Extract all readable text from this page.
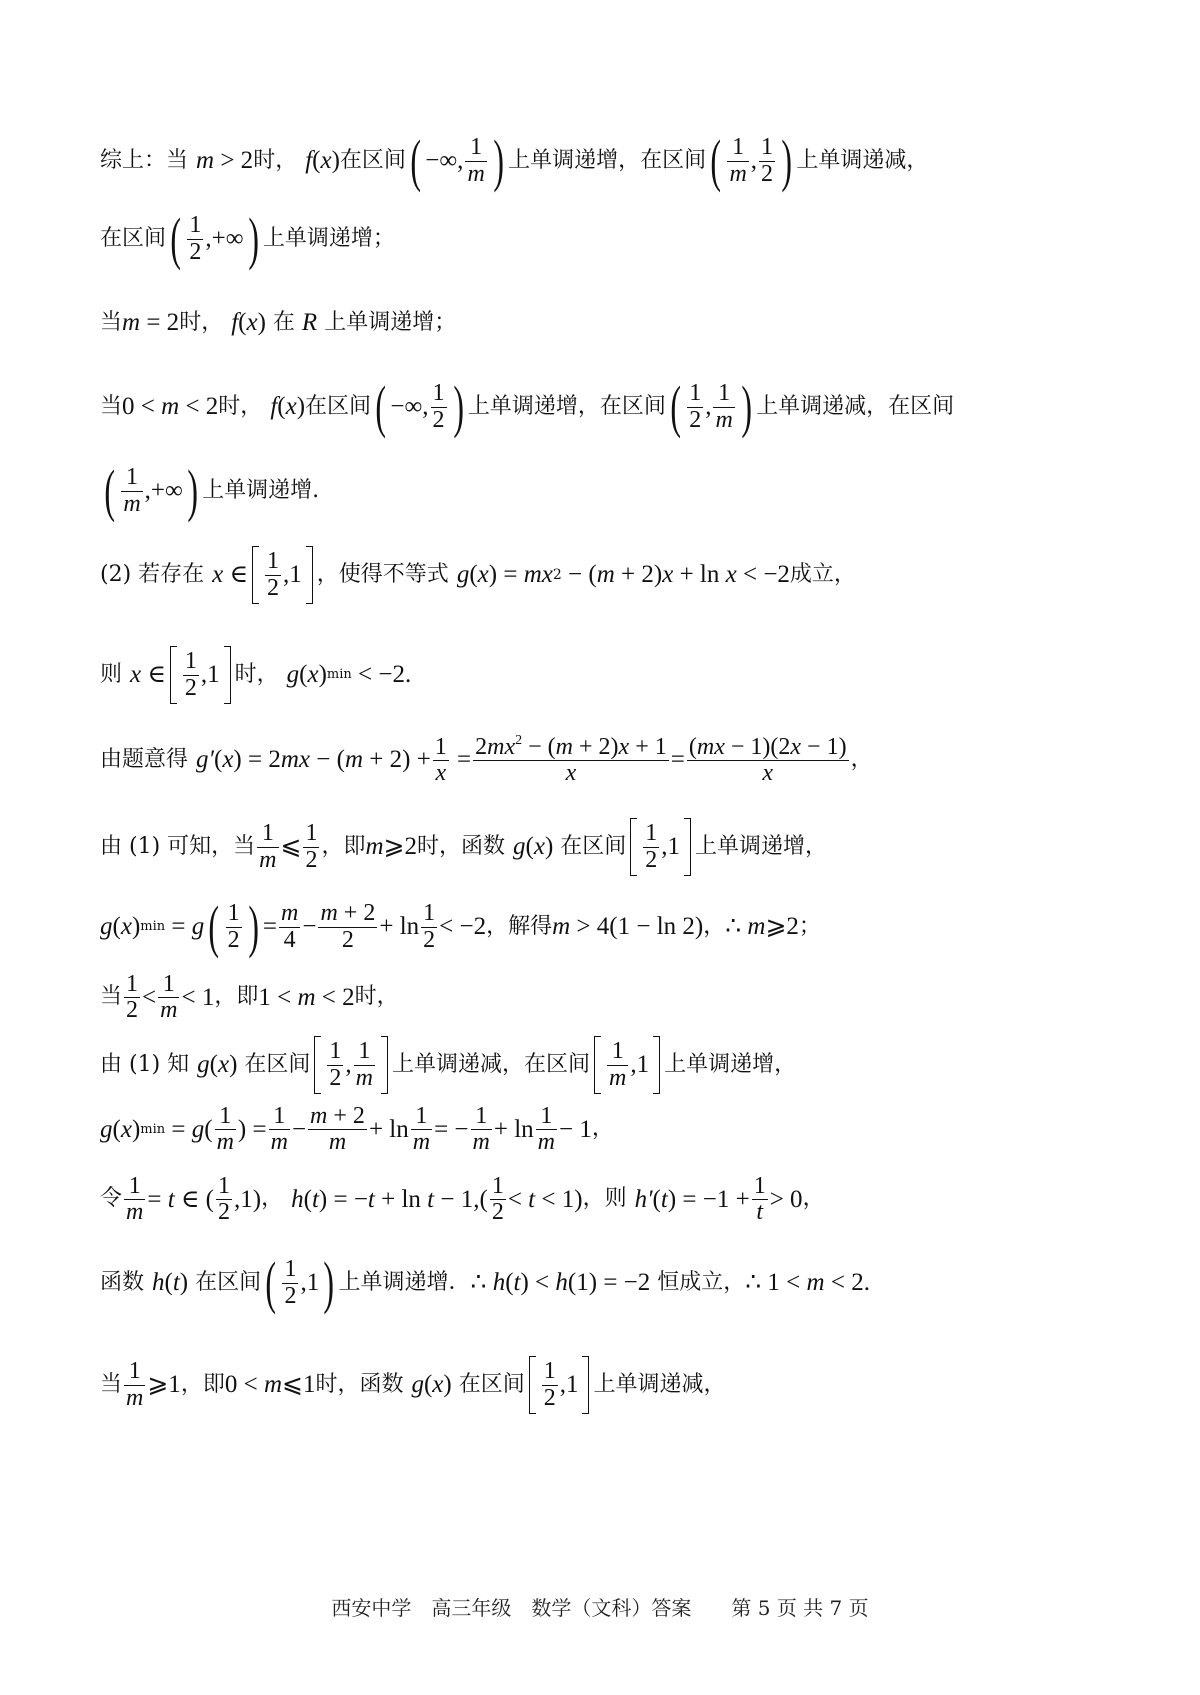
综上：当 m > 2 时， f ( x ) 在区间 ( −∞, $\frac{1}{m}$ ) 上单调递增，在区间 ( $\frac{1}{m}$ , $\frac{1}{2}$ ) 上单调递减，
在区间 ( $\frac{1}{2}$ ,+∞ ) 上单调递增；
当 m = 2 时， f ( x ) 在 R 上单调递增；
当 0 < m < 2 时， f ( x ) 在区间 ( −∞, $\frac{1}{2}$ ) 上单调递增，在区间 ( $\frac{1}{2}$ , $\frac{1}{m}$ ) 上单调递减，在区间
( $\frac{1}{m}$ ,+∞ ) 上单调递增.
(2) 若存在 x ∈ $\frac{1}{2} ,1$ ，使得不等式 g ( x ) = mx 2 − ( m + 2) x + ln x < −2 成立，
则 x ∈ $\frac{1}{2} ,1$ 时， g ( x ) min < −2.
由题意得 g′ ( x ) = 2 mx − ( $m + 2) + \frac{1}{x} = \frac{2mx^2 - (m + 2)x + 1}{x} = \frac{(mx - 1)(2x - 1)}{x}$ ，
由 (1) 可知，当 $\frac{1}{m}$ ⩽ $\frac{1}{2}$ ，即 m ⩾2 时，函数 g ( x ) 在区间 $\frac{1}{2} ,1$ 上单调递增，
g ( x ) min = g ( $\frac{1}{2}$ ) = $\frac{m}{4} - \frac{m + 2}{2} + \ln \frac{1}{2} < -2$ ，解得 m > 4(1 − ln 2) ， ∴ m ⩾2 ；
当 $\frac{1}{2} < \frac{1}{m} < 1$ ，即 1 < m < 2 时，
由 (1) 知 g ( x ) 在区间 $\frac{1}{2}$ , $\frac{1}{m}$ 上单调递减，在区间 $\frac{1}{m} ,1$ 上单调递增，
g ( x ) min = g ( $\frac{1}{m}$ ) = $\frac{1}{m} - \frac{m + 2}{m} + \ln \frac{1}{m}$ = − $\frac{1}{m} + \ln \frac{1}{m} - 1$ ，
令 $\frac{1}{m} = t$ ∈ ( $\frac{1}{2} ,1$) ， h ( t ) = − $t + \ln t - 1,( \frac{1}{2} < t < 1)$ ，则 h′ ( t ) = $-1 + \frac{1}{t} > 0$ ，
函数 h ( t ) 在区间 ( $\frac{1}{2} ,1$ ) 上单调递增． ∴ h ( t ) < h (1) = −2 恒成立， ∴ 1 < m < 2.
当 $\frac{1}{m}$ ⩾1 ，即 0 < m ⩽1 时，函数 g ( x ) 在区间 $\frac{1}{2} ,1$ 上单调递减，
西安中学　高三年级　数学（文科）答案　　第 5 页 共 7 页
